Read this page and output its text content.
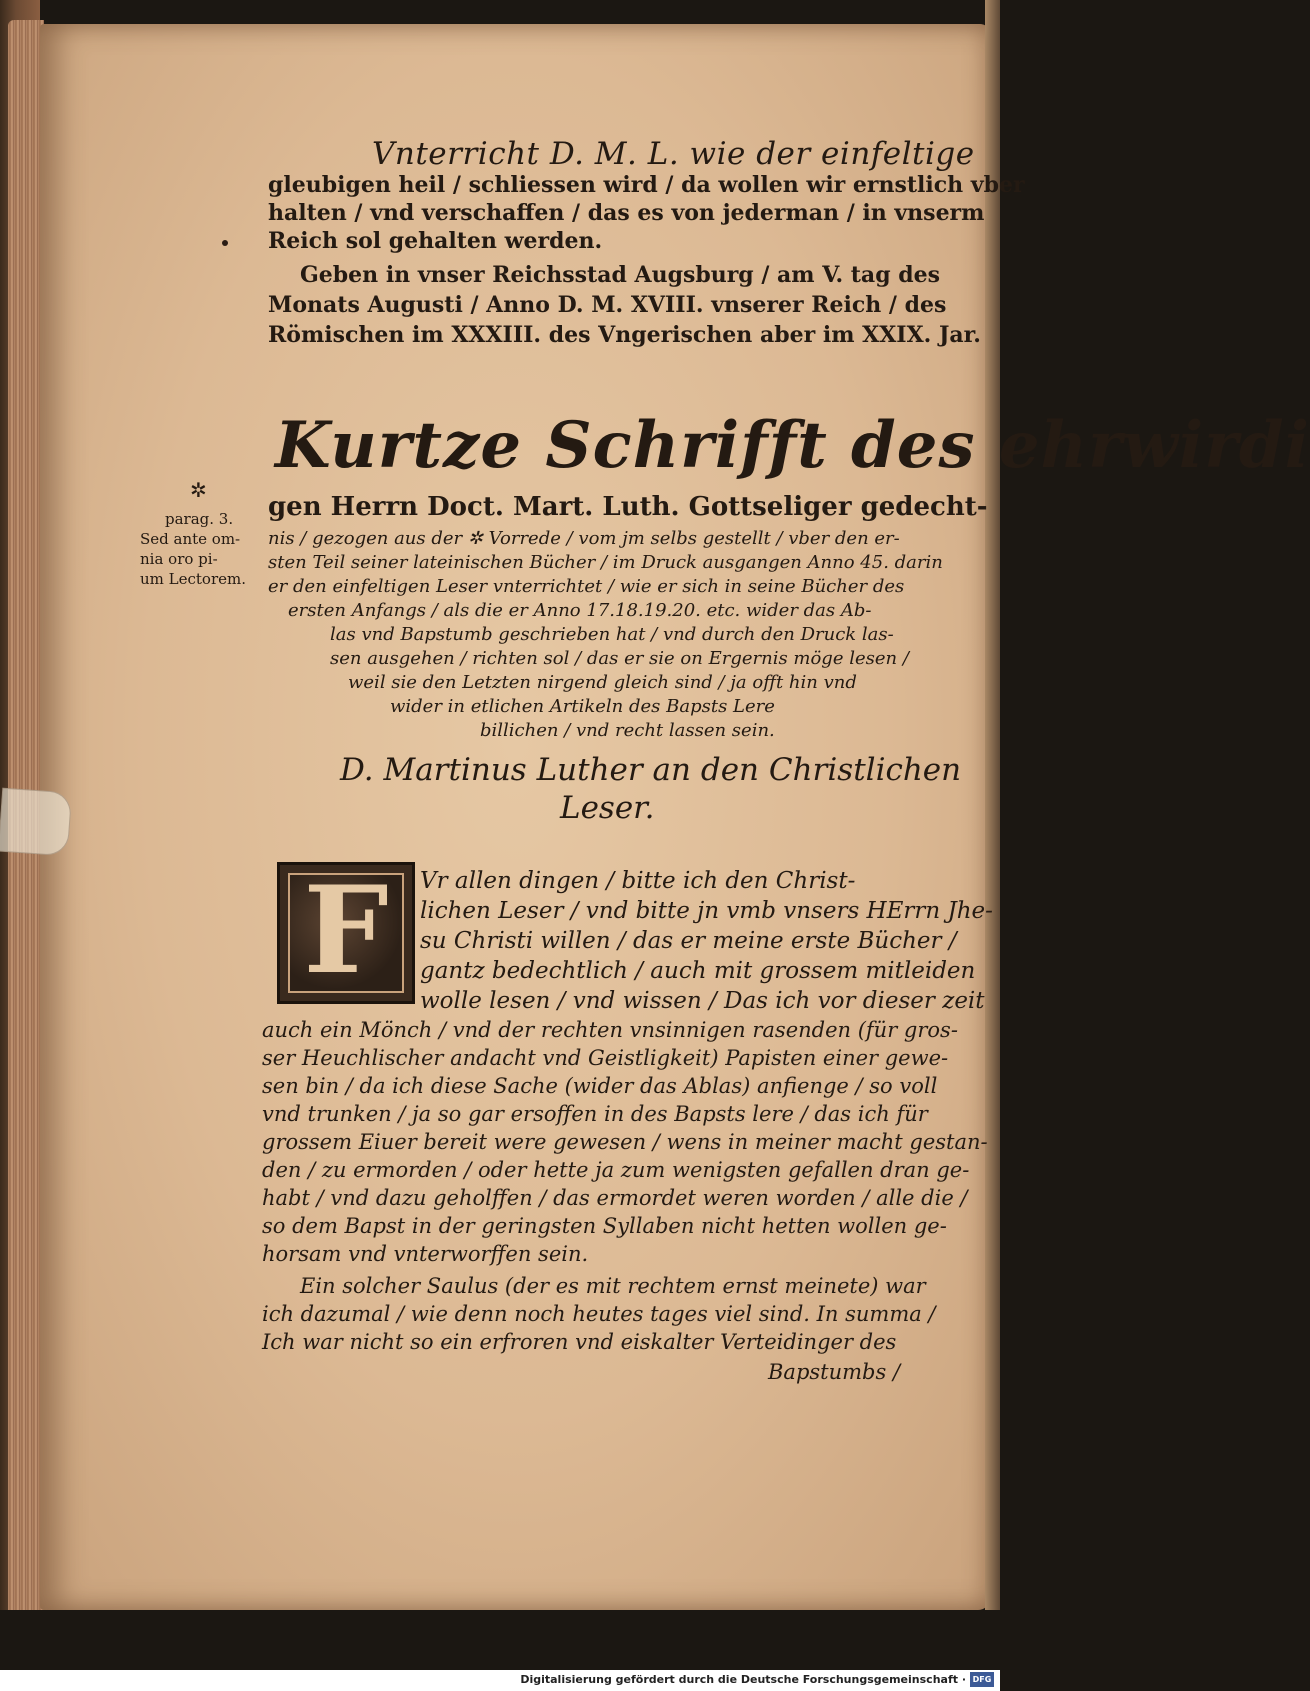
Vnterricht D. M. L. wie der einfeltige
gleubigen heil / schliessen wird / da wollen wir ernstlich vber
halten / vnd verschaffen / das es von jederman / in vnserm
Reich sol gehalten werden.
Geben in vnser Reichsstad Augsburg / am V. tag des
Monats Augusti / Anno D. M. XVIII. vnserer Reich / des
Römischen im XXXIII. des Vngerischen aber im XXIX. Jar.
Kurtze Schrifft des ehrwirdi
✲
parag. 3.
Sed ante om-
nia oro pi-
um Lectorem.
gen Herrn Doct. Mart. Luth. Gottseliger gedecht-
nis / gezogen aus der ✲ Vorrede / vom jm selbs gestellt / vber den er-
sten Teil seiner lateinischen Bücher / im Druck ausgangen Anno 45. darin
er den einfeltigen Leser vnterrichtet / wie er sich in seine Bücher des
ersten Anfangs / als die er Anno 17.18.19.20. etc. wider das Ab-
las vnd Bapstumb geschrieben hat / vnd durch den Druck las-
sen ausgehen / richten sol / das er sie on Ergernis möge lesen /
weil sie den Letzten nirgend gleich sind / ja offt hin vnd
wider in etlichen Artikeln des Bapsts Lere
billichen / vnd recht lassen sein.
D. Martinus Luther an den Christlichen
Leser.
F	Vr allen dingen / bitte ich den Christ-
lichen Leser / vnd bitte jn vmb vnsers HErrn Jhe-
su Christi willen / das er meine erste Bücher /
gantz bedechtlich / auch mit grossem mitleiden
wolle lesen / vnd wissen / Das ich vor dieser zeit
auch ein Mönch / vnd der rechten vnsinnigen rasenden (für gros-
ser Heuchlischer andacht vnd Geistligkeit) Papisten einer gewe-
sen bin / da ich diese Sache (wider das Ablas) anfienge / so voll
vnd trunken / ja so gar ersoffen in des Bapsts lere / das ich für
grossem Eiuer bereit were gewesen / wens in meiner macht gestan-
den / zu ermorden / oder hette ja zum wenigsten gefallen dran ge-
habt / vnd dazu geholffen / das ermordet weren worden / alle die /
so dem Bapst in der geringsten Syllaben nicht hetten wollen ge-
horsam vnd vnterworffen sein.
Ein solcher Saulus (der es mit rechtem ernst meinete) war
ich dazumal / wie denn noch heutes tages viel sind. In summa /
Ich war nicht so ein erfroren vnd eiskalter Verteidinger des
Bapstumbs /
Digitalisierung gefördert durch die Deutsche Forschungsgemeinschaft · DFG
